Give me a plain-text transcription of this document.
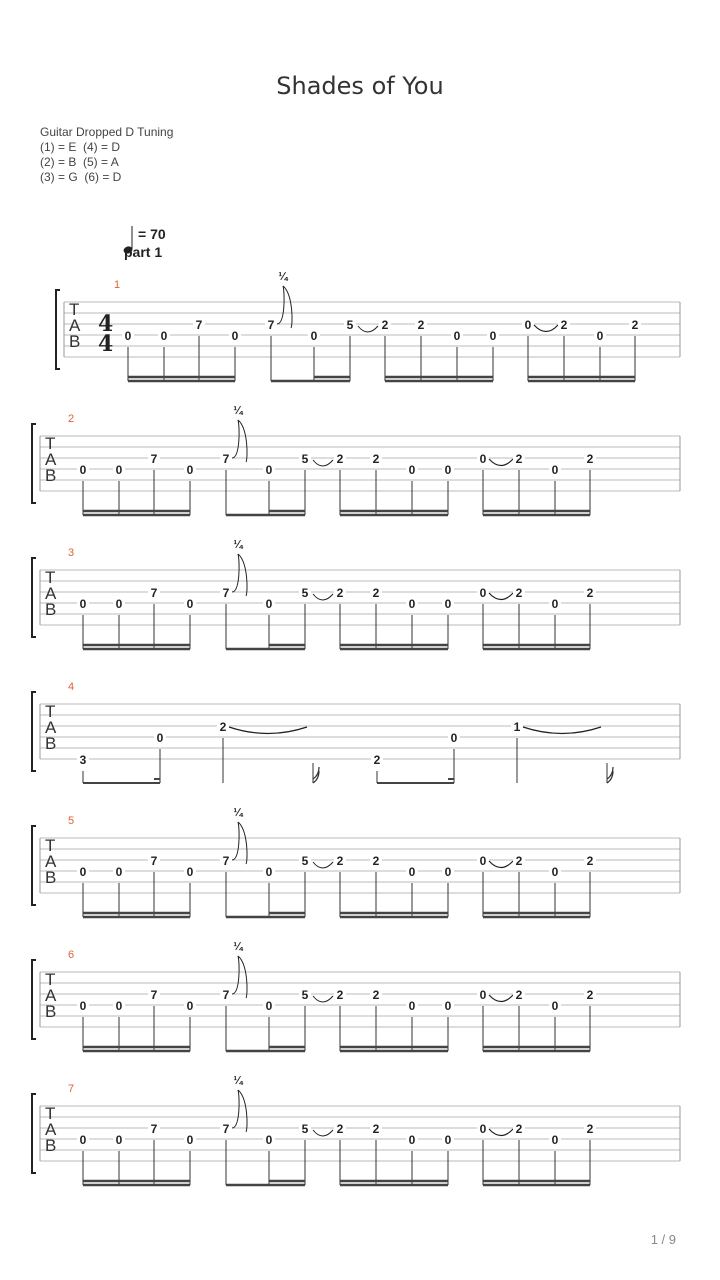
Shades of You
Guitar Dropped D Tuning
(1) = E  (4) = D
(2) = B  (5) = A
(3) = G  (6) = D
= 70
part 1
T
A
B
4
4
1
0 0
7
0
7
¼
0
5 2 2
0 0
0 2
0
2
T
A
B
2
0 0
7
0
7
¼
0
5 2 2
0 0
0 2
0
2
T
A
B
3
0 0
7
0
7
¼
0
5 2 2
0 0
0 2
0
2
T
A
B
4
3
0
2
2
0
1
T
A
B
5
0 0
7
0
7
¼
0
5 2 2
0 0
0 2
0
2
T
A
B
6
0 0
7
0
7
¼
0
5 2 2
0 0
0 2
0
2
T
A
B
7
0 0
7
0
7
¼
0
5 2 2
0 0
0 2
0
2
1 / 9
